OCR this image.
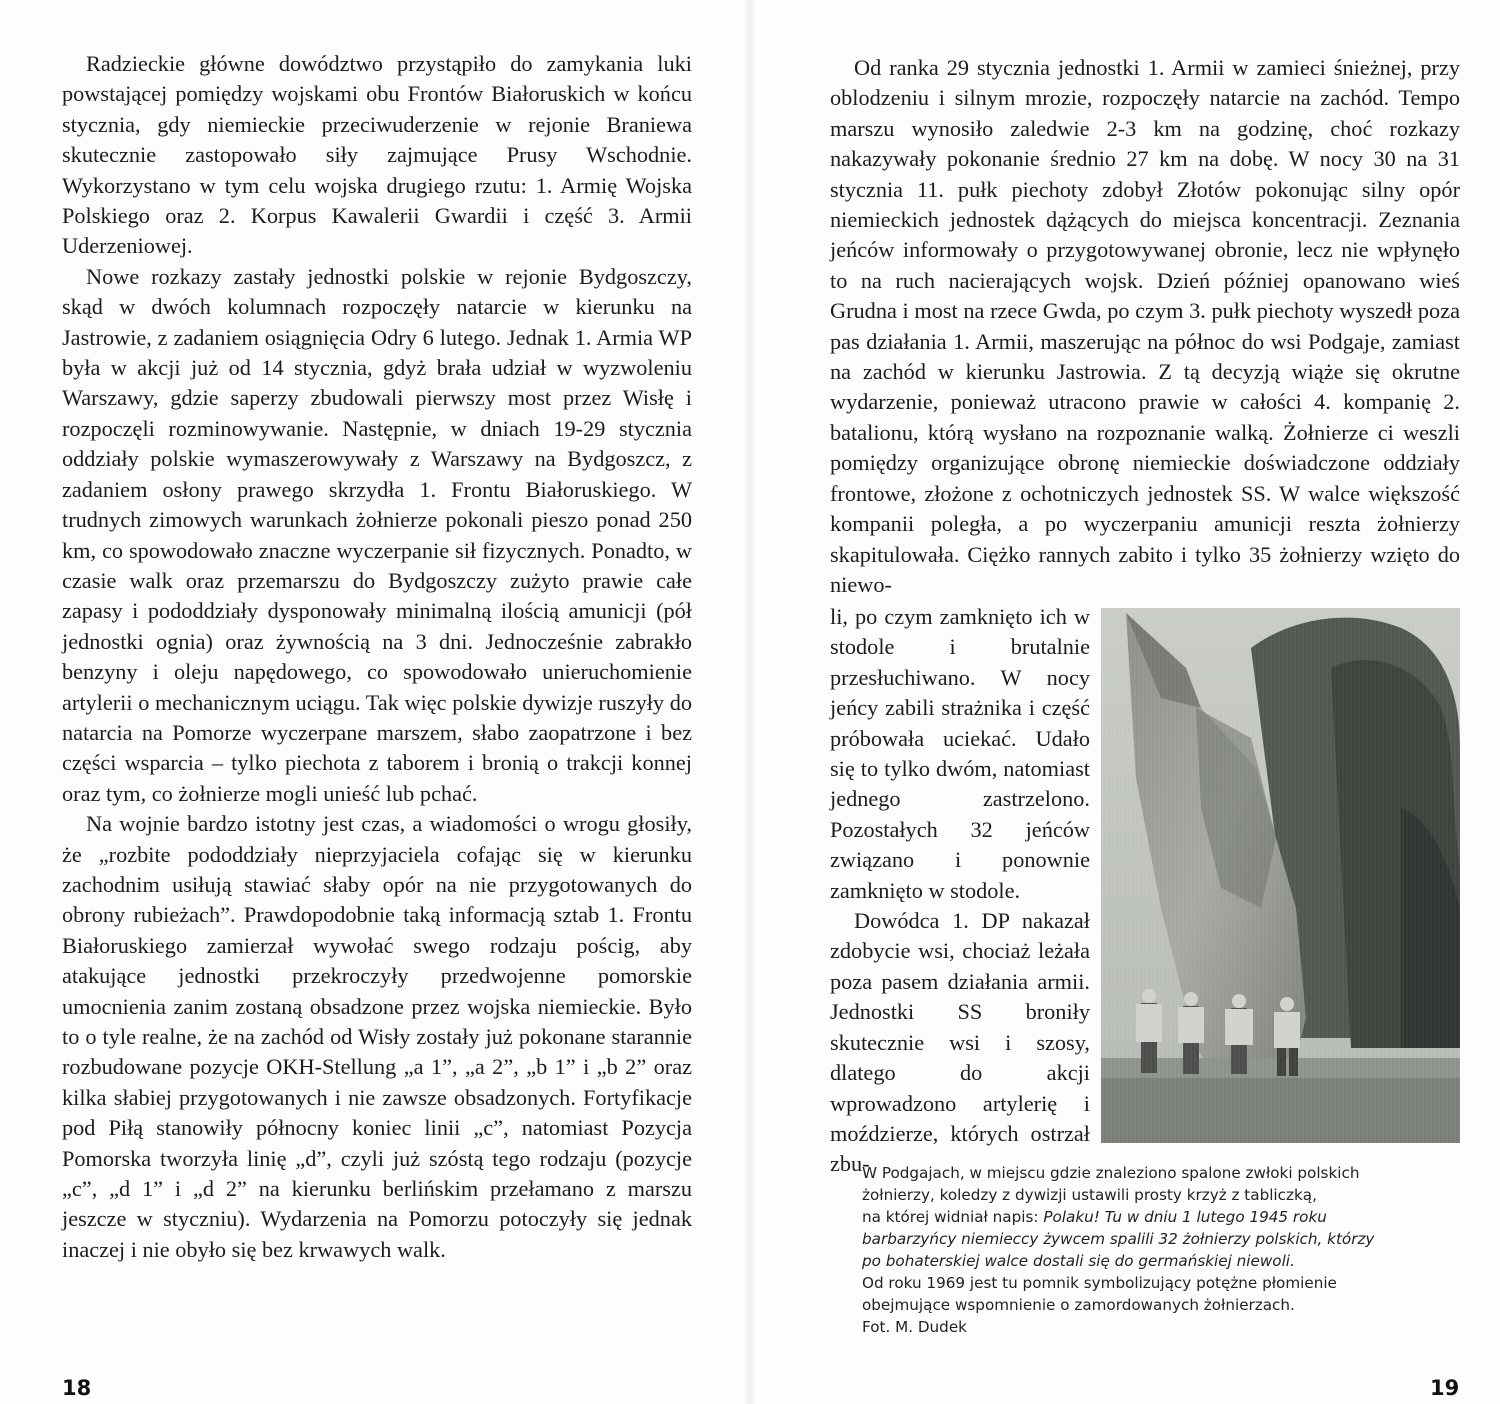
Radzieckie główne dowództwo przystąpiło do zamykania luki powstającej pomiędzy wojskami obu Frontów Białoruskich w końcu stycznia, gdy niemieckie przeciwuderzenie w rejonie Braniewa skutecznie zastopowało siły zajmujące Prusy Wschodnie. Wykorzystano w tym celu wojska drugiego rzutu: 1. Armię Wojska Polskiego oraz 2. Korpus Kawalerii Gwardii i część 3. Armii Uderzeniowej.

Nowe rozkazy zastały jednostki polskie w rejonie Bydgoszczy, skąd w dwóch kolumnach rozpoczęły natarcie w kierunku na Jastrowie, z zadaniem osiągnięcia Odry 6 lutego. Jednak 1. Armia WP była w akcji już od 14 stycznia, gdyż brała udział w wyzwoleniu Warszawy, gdzie saperzy zbudowali pierwszy most przez Wisłę i rozpoczęli rozminowywanie. Następnie, w dniach 19-29 stycznia oddziały polskie wymaszerowywały z Warszawy na Bydgoszcz, z zadaniem osłony prawego skrzydła 1. Frontu Białoruskiego. W trudnych zimowych warunkach żołnierze pokonali pieszo ponad 250 km, co spowodowało znaczne wyczerpanie sił fizycznych. Ponadto, w czasie walk oraz przemarszu do Bydgoszczy zużyto prawie całe zapasy i pododdziały dysponowały minimalną ilością amunicji (pół jednostki ognia) oraz żywnością na 3 dni. Jednocześnie zabrakło benzyny i oleju napędowego, co spowodowało unieruchomienie artylerii o mechanicznym uciągu. Tak więc polskie dywizje ruszyły do natarcia na Pomorze wyczerpane marszem, słabo zaopatrzone i bez części wsparcia – tylko piechota z taborem i bronią o trakcji konnej oraz tym, co żołnierze mogli unieść lub pchać.

Na wojnie bardzo istotny jest czas, a wiadomości o wrogu głosiły, że „rozbite pododdziały nieprzyjaciela cofając się w kierunku zachodnim usiłują stawiać słaby opór na nie przygotowanych do obrony rubieżach”. Prawdopodobnie taką informacją sztab 1. Frontu Białoruskiego zamierzał wywołać swego rodzaju pościg, aby atakujące jednostki przekroczyły przedwojenne pomorskie umocnienia zanim zostaną obsadzone przez wojska niemieckie. Było to o tyle realne, że na zachód od Wisły zostały już pokonane starannie rozbudowane pozycje OKH-Stellung „a 1”, „a 2”, „b 1” i „b 2” oraz kilka słabiej przygotowanych i nie zawsze obsadzonych. Fortyfikacje pod Piłą stanowiły północny koniec linii „c”, natomiast Pozycja Pomorska tworzyła linię „d”, czyli już szóstą tego rodzaju (pozycje „c”, „d 1” i „d 2” na kierunku berlińskim przełamano z marszu jeszcze w styczniu). Wydarzenia na Pomorzu potoczyły się jednak inaczej i nie obyło się bez krwawych walk.

18

Od ranka 29 stycznia jednostki 1. Armii w zamieci śnieżnej, przy oblodzeniu i silnym mrozie, rozpoczęły natarcie na zachód. Tempo marszu wynosiło zaledwie 2-3 km na godzinę, choć rozkazy nakazywały pokonanie średnio 27 km na dobę. W nocy 30 na 31 stycznia 11. pułk piechoty zdobył Złotów pokonując silny opór niemieckich jednostek dążących do miejsca koncentracji. Zeznania jeńców informowały o przygotowywanej obronie, lecz nie wpłynęło to na ruch nacierających wojsk. Dzień później opanowano wieś Grudna i most na rzece Gwda, po czym 3. pułk piechoty wyszedł poza pas działania 1. Armii, maszerując na północ do wsi Podgaje, zamiast na zachód w kierunku Jastrowia. Z tą decyzją wiąże się okrutne wydarzenie, ponieważ utracono prawie w całości 4. kompanię 2. batalionu, którą wysłano na rozpoznanie walką. Żołnierze ci weszli pomiędzy organizujące obronę niemieckie doświadczone oddziały frontowe, złożone z ochotniczych jednostek SS. W walce większość kompanii poległa, a po wyczerpaniu amunicji reszta żołnierzy skapitulowała. Ciężko rannych zabito i tylko 35 żołnierzy wzięto do niewo-

li, po czym zamknięto ich w stodole i brutalnie przesłuchiwano. W nocy jeńcy zabili strażnika i część próbowała uciekać. Udało się to tylko dwóm, natomiast jednego zastrzelono. Pozostałych 32 jeńców związano i ponownie zamknięto w stodole.

Dowódca 1. DP nakazał zdobycie wsi, chociaż leżała poza pasem działania armii. Jednostki SS broniły skutecznie wsi i szosy, dlatego do akcji wprowadzono artylerię i moździerze, których ostrzał zbu-

W Podgajach, w miejscu gdzie znaleziono spalone zwłoki polskich
żołnierzy, koledzy z dywizji ustawili prosty krzyż z tabliczką,
na której widniał napis: Polaku! Tu w dniu 1 lutego 1945 roku
barbarzyńcy niemieccy żywcem spalili 32 żołnierzy polskich, którzy
po bohaterskiej walce dostali się do germańskiej niewoli.
Od roku 1969 jest tu pomnik symbolizujący potężne płomienie
obejmujące wspomnienie o zamordowanych żołnierzach.
Fot. M. Dudek
19
